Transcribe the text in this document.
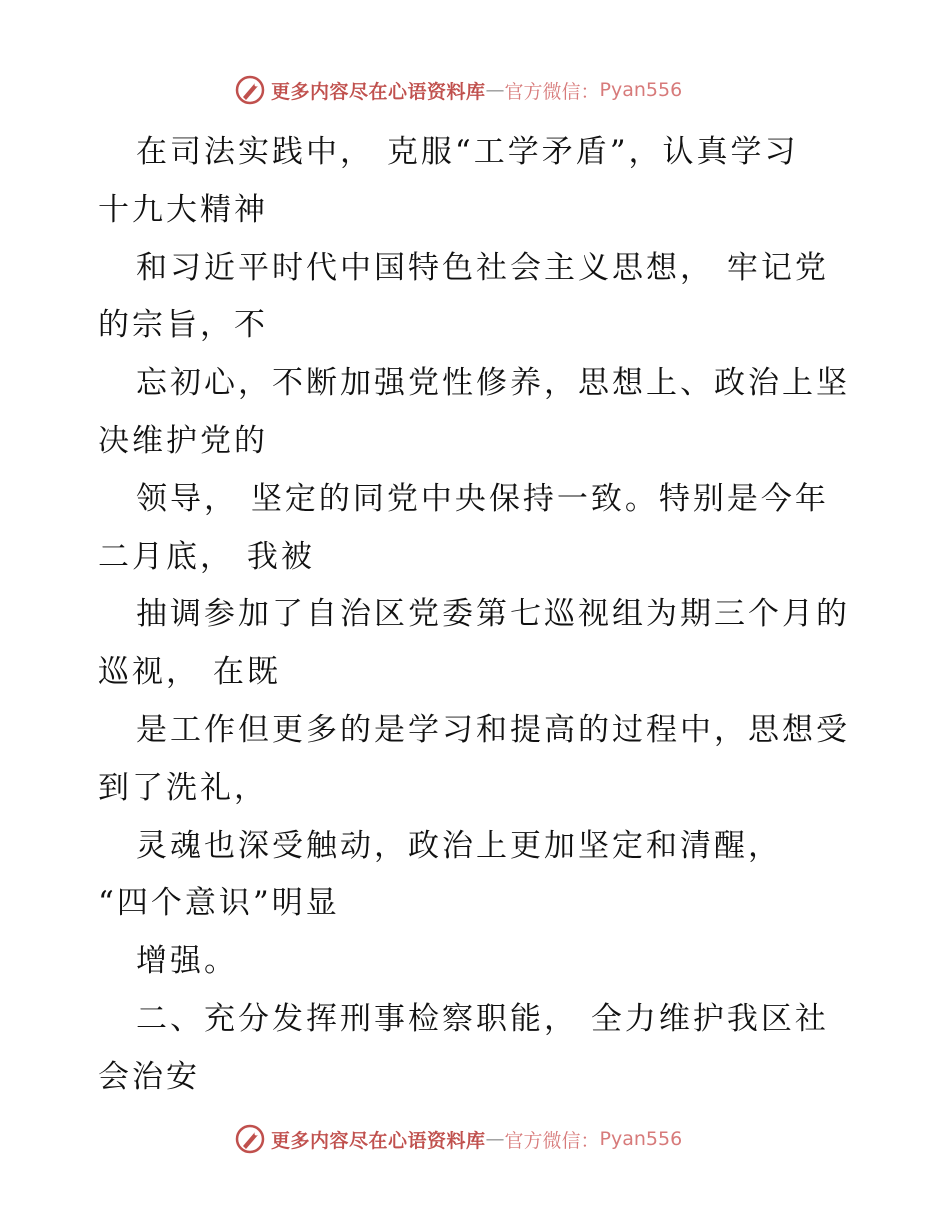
更多内容尽在心语资料库 — 官方微信： Pyan556
在司法实践中， 克服“工学矛盾”，认真学习
十九大精神
和习近平时代中国特色社会主义思想， 牢记党
的宗旨，不
忘初心，不断加强党性修养，思想上、政治上坚
决维护党的
领导， 坚定的同党中央保持一致。特别是今年
二月底， 我被
抽调参加了自治区党委第七巡视组为期三个月的
巡视， 在既
是工作但更多的是学习和提高的过程中，思想受
到了洗礼，
灵魂也深受触动，政治上更加坚定和清醒，
“四个意识”明显
增强。
二、充分发挥刑事检察职能， 全力维护我区社
会治安
更多内容尽在心语资料库 — 官方微信： Pyan556
